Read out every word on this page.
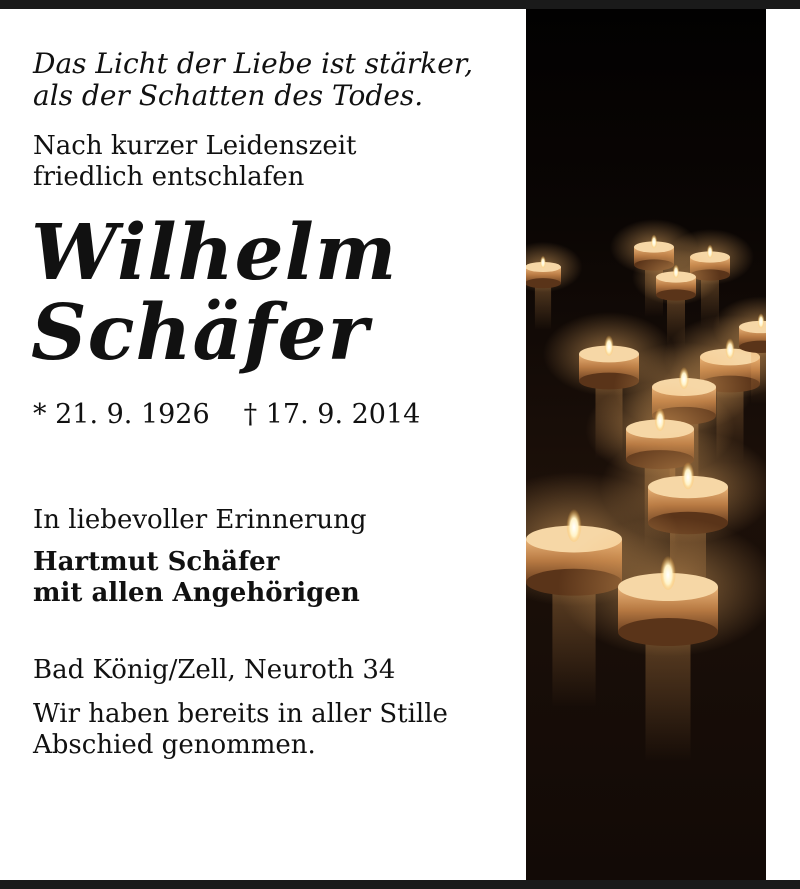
Das Licht der Liebe ist stärker,
als der Schatten des Todes.

Nach kurzer Leidenszeit
friedlich entschlafen

Wilhelm
Schäfer

* 21. 9. 1926 † 17. 9. 2014

In liebevoller Erinnerung

Hartmut Schäfer
mit allen Angehörigen

Bad König/Zell, Neuroth 34

Wir haben bereits in aller Stille
Abschied genommen.
